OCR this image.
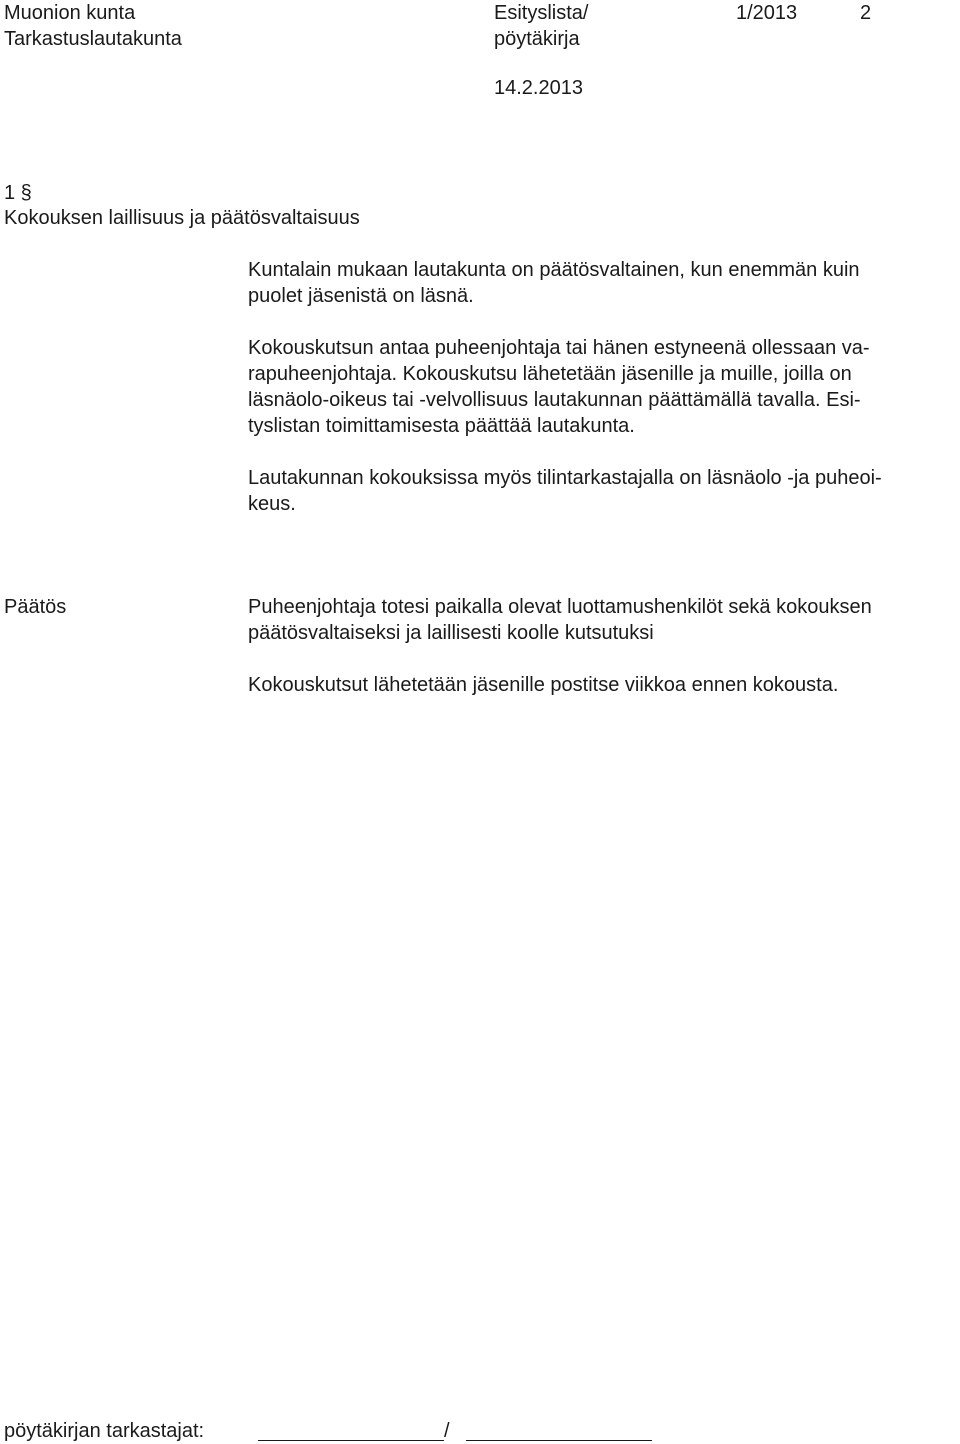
Muonion kunta
Tarkastuslautakunta
Esityslista/
pöytäkirja
1/2013	2
14.2.2013
1 §
Kokouksen laillisuus ja päätösvaltaisuus
Kuntalain mukaan lautakunta on päätösvaltainen, kun enemmän kuin
puolet jäsenistä on läsnä.
Kokouskutsun antaa puheenjohtaja tai hänen estyneenä ollessaan va-
rapuheenjohtaja. Kokouskutsu lähetetään jäsenille ja muille, joilla on
läsnäolo-oikeus tai -velvollisuus lautakunnan päättämällä tavalla. Esi-
tyslistan toimittamisesta päättää lautakunta.
Lautakunnan kokouksissa myös tilintarkastajalla on läsnäolo -ja puheoi-
keus.
Päätös	Puheenjohtaja totesi paikalla olevat luottamushenkilöt sekä kokouksen
päätösvaltaiseksi ja laillisesti koolle kutsutuksi
Kokouskutsut lähetetään jäsenille postitse viikkoa ennen kokousta.
pöytäkirjan tarkastajat:	/
